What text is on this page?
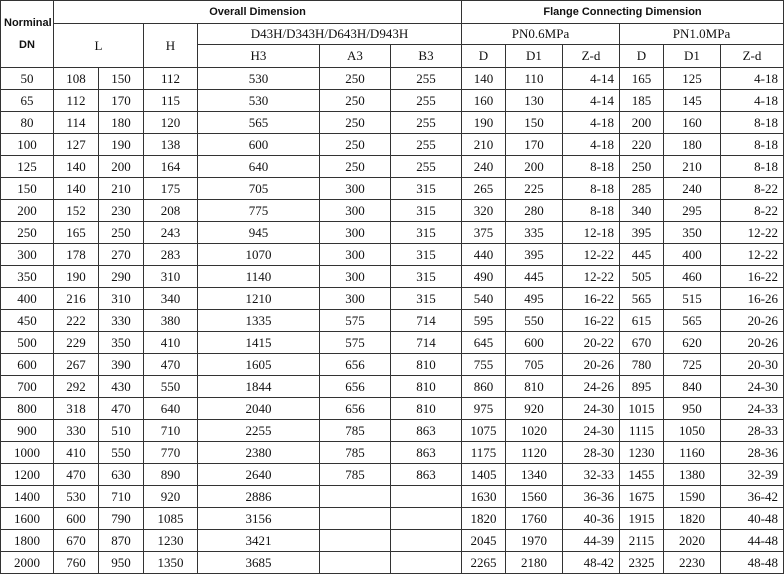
Norminal
DN	Overall Dimension						Flange Connecting Dimension					
	L		H	D43H/D343H/D643H/D943H			PN0.6MPa			PN1.0MPa		
				H3	A3	B3	D	D1	Z-d	D	D1	Z-d
50	108	150	112	530	250	255	140	110	4-14	165	125	4-18
65	112	170	115	530	250	255	160	130	4-14	185	145	4-18
80	114	180	120	565	250	255	190	150	4-18	200	160	8-18
100	127	190	138	600	250	255	210	170	4-18	220	180	8-18
125	140	200	164	640	250	255	240	200	8-18	250	210	8-18
150	140	210	175	705	300	315	265	225	8-18	285	240	8-22
200	152	230	208	775	300	315	320	280	8-18	340	295	8-22
250	165	250	243	945	300	315	375	335	12-18	395	350	12-22
300	178	270	283	1070	300	315	440	395	12-22	445	400	12-22
350	190	290	310	1140	300	315	490	445	12-22	505	460	16-22
400	216	310	340	1210	300	315	540	495	16-22	565	515	16-26
450	222	330	380	1335	575	714	595	550	16-22	615	565	20-26
500	229	350	410	1415	575	714	645	600	20-22	670	620	20-26
600	267	390	470	1605	656	810	755	705	20-26	780	725	20-30
700	292	430	550	1844	656	810	860	810	24-26	895	840	24-30
800	318	470	640	2040	656	810	975	920	24-30	1015	950	24-33
900	330	510	710	2255	785	863	1075	1020	24-30	1115	1050	28-33
1000	410	550	770	2380	785	863	1175	1120	28-30	1230	1160	28-36
1200	470	630	890	2640	785	863	1405	1340	32-33	1455	1380	32-39
1400	530	710	920	2886			1630	1560	36-36	1675	1590	36-42
1600	600	790	1085	3156			1820	1760	40-36	1915	1820	40-48
1800	670	870	1230	3421			2045	1970	44-39	2115	2020	44-48
2000	760	950	1350	3685			2265	2180	48-42	2325	2230	48-48
